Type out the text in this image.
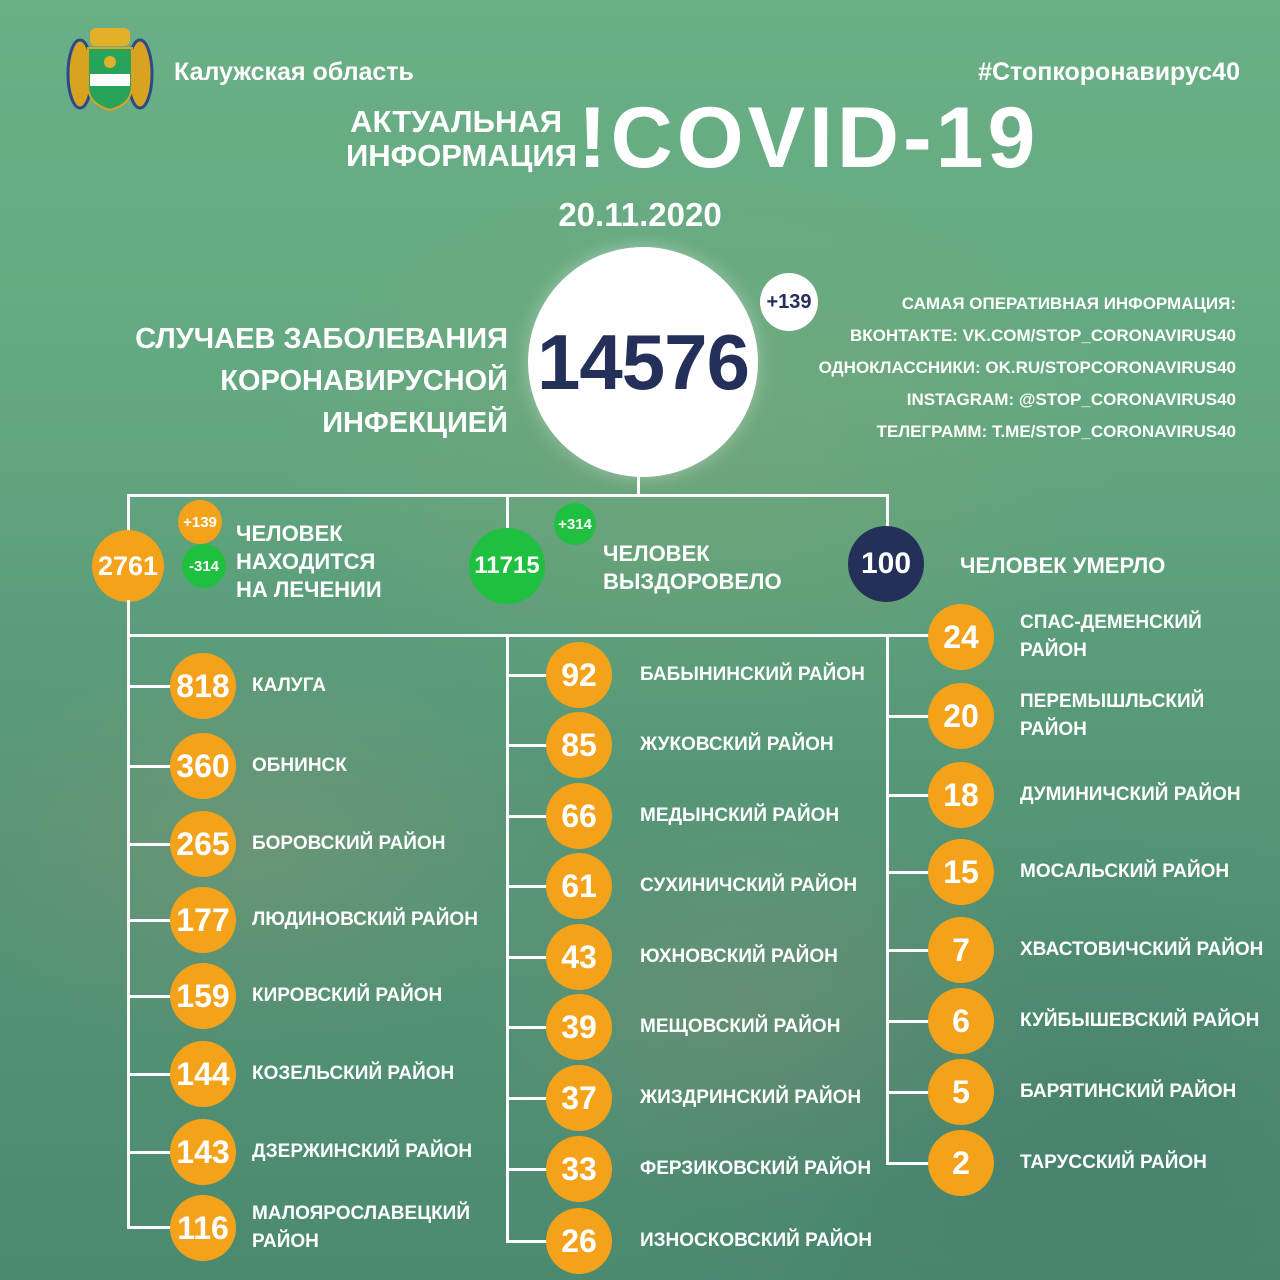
Калужская область	#Стопкоронавирус40
АКТУАЛЬНАЯ
ИНФОРМАЦИЯ !COVID-19
20.11.2020
СЛУЧАЕВ ЗАБОЛЕВАНИЯ
КОРОНАВИРУСНОЙ ИНФЕКЦИЕЙ
14576
+139	САМАЯ ОПЕРАТИВНАЯ ИНФОРМАЦИЯ:
ВКОНТАКТЕ: VK.COM/STOP_CORONAVIRUS40
ОДНОКЛАССНИКИ: OK.RU/STOPCORONAVIRUS40
INSTAGRAM: @STOP_CORONAVIRUS40
ТЕЛЕГРАММ: T.ME/STOP_CORONAVIRUS40
2761
+139
-314
ЧЕЛОВЕК
НАХОДИТСЯ
НА ЛЕЧЕНИИ
11715
+314
ЧЕЛОВЕК
ВЫЗДОРОВЕЛО
100	ЧЕЛОВЕК УМЕРЛО
818	КАЛУГА
360	ОБНИНСК
265	БОРОВСКИЙ РАЙОН
177	ЛЮДИНОВСКИЙ РАЙОН
159	КИРОВСКИЙ РАЙОН
144	КОЗЕЛЬСКИЙ РАЙОН
143	ДЗЕРЖИНСКИЙ РАЙОН
116	МАЛОЯРОСЛАВЕЦКИЙ
РАЙОН
92	БАБЫНИНСКИЙ РАЙОН
85	ЖУКОВСКИЙ РАЙОН
66	МЕДЫНСКИЙ РАЙОН
61	СУХИНИЧСКИЙ РАЙОН
43	ЮХНОВСКИЙ РАЙОН
39	МЕЩОВСКИЙ РАЙОН
37	ЖИЗДРИНСКИЙ РАЙОН
33	ФЕРЗИКОВСКИЙ РАЙОН
26	ИЗНОСКОВСКИЙ РАЙОН
24	СПАС-ДЕМЕНСКИЙ
РАЙОН
20	ПЕРЕМЫШЛЬСКИЙ
РАЙОН
18	ДУМИНИЧСКИЙ РАЙОН
15	МОСАЛЬСКИЙ РАЙОН
7	ХВАСТОВИЧСКИЙ РАЙОН
6	КУЙБЫШЕВСКИЙ РАЙОН
5	БАРЯТИНСКИЙ РАЙОН
2	ТАРУССКИЙ РАЙОН
